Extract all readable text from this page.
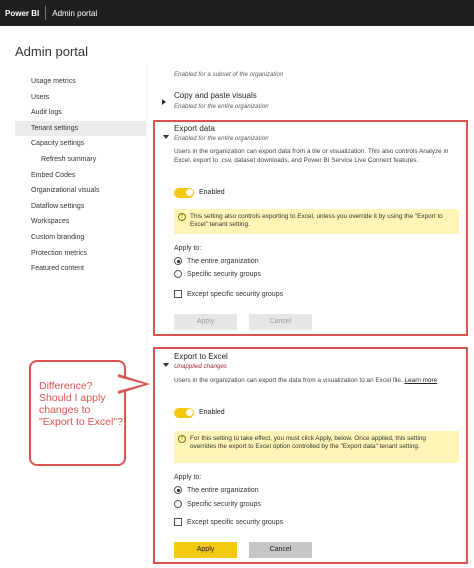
Power BI	Admin portal
Admin portal
Usage metrics
Users
Audit logs
Tenant settings
Capacity settings
Refresh summary
Embed Codes
Organizational visuals
Dataflow settings
Workspaces
Custom branding
Protection metrics
Featured content
Enabled for a subset of the organization
Copy and paste visuals
Enabled for the entire organization
Export data
Enabled for the entire organization
Users in the organization can export data from a tile or visualization. This also controls Analyze in Excel, export to .csv, dataset downloads, and Power BI Service Live Connect features.
Enabled
!	This setting also controls exporting to Excel, unless you override it by using the "Export to Excel" tenant setting.
Apply to:
The entire organization
Specific security groups
Except specific security groups
Apply	Cancel
Export to Excel
Unapplied changes
Users in the organization can export the data from a visualization to an Excel file. Learn more
Enabled
!	For this setting to take effect, you must click Apply, below. Once applied, this setting overrides the export to Excel option controlled by the "Export data" tenant setting.
Apply to:
The entire organization
Specific security groups
Except specific security groups
Apply	Cancel
Difference? Should I apply changes to "Export to Excel"?
